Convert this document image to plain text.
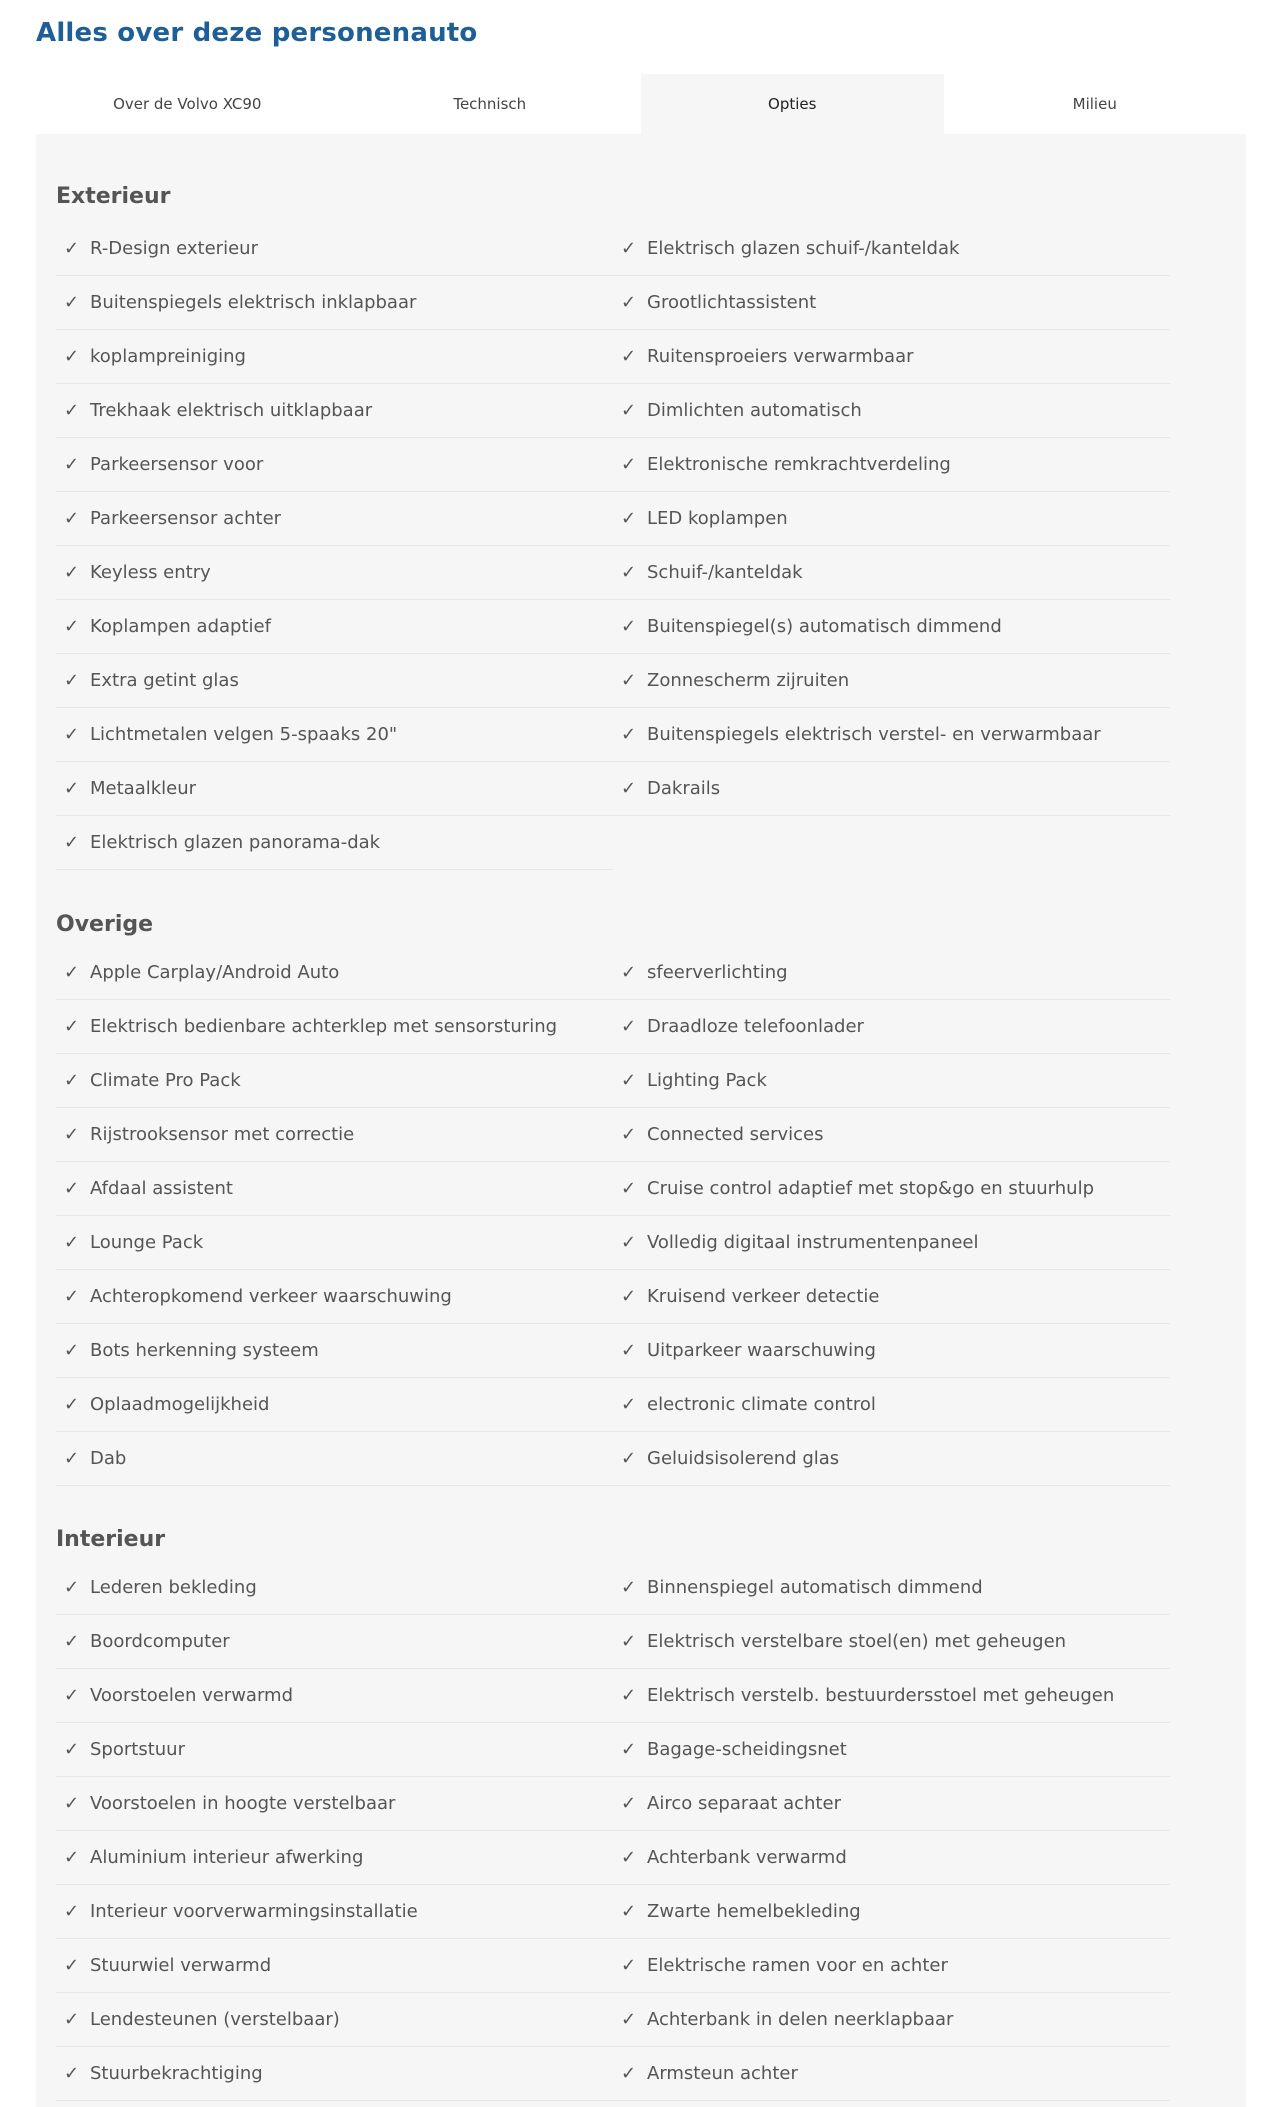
Alles over deze personenauto
Over de Volvo XC90	Technisch	Opties	Milieu
Exterieur
✓ R-Design exterieur	✓ Elektrisch glazen schuif-/kanteldak
✓ Buitenspiegels elektrisch inklapbaar	✓ Grootlichtassistent
✓ koplampreiniging	✓ Ruitensproeiers verwarmbaar
✓ Trekhaak elektrisch uitklapbaar	✓ Dimlichten automatisch
✓ Parkeersensor voor	✓ Elektronische remkrachtverdeling
✓ Parkeersensor achter	✓ LED koplampen
✓ Keyless entry	✓ Schuif-/kanteldak
✓ Koplampen adaptief	✓ Buitenspiegel(s) automatisch dimmend
✓ Extra getint glas	✓ Zonnescherm zijruiten
✓ Lichtmetalen velgen 5-spaaks 20"	✓ Buitenspiegels elektrisch verstel- en verwarmbaar
✓ Metaalkleur	✓ Dakrails
✓ Elektrisch glazen panorama-dak
Overige
✓ Apple Carplay/Android Auto	✓ sfeerverlichting
✓ Elektrisch bedienbare achterklep met sensorsturing	✓ Draadloze telefoonlader
✓ Climate Pro Pack	✓ Lighting Pack
✓ Rijstrooksensor met correctie	✓ Connected services
✓ Afdaal assistent	✓ Cruise control adaptief met stop&go en stuurhulp
✓ Lounge Pack	✓ Volledig digitaal instrumentenpaneel
✓ Achteropkomend verkeer waarschuwing	✓ Kruisend verkeer detectie
✓ Bots herkenning systeem	✓ Uitparkeer waarschuwing
✓ Oplaadmogelijkheid	✓ electronic climate control
✓ Dab	✓ Geluidsisolerend glas
Interieur
✓ Lederen bekleding	✓ Binnenspiegel automatisch dimmend
✓ Boordcomputer	✓ Elektrisch verstelbare stoel(en) met geheugen
✓ Voorstoelen verwarmd	✓ Elektrisch verstelb. bestuurdersstoel met geheugen
✓ Sportstuur	✓ Bagage-scheidingsnet
✓ Voorstoelen in hoogte verstelbaar	✓ Airco separaat achter
✓ Aluminium interieur afwerking	✓ Achterbank verwarmd
✓ Interieur voorverwarmingsinstallatie	✓ Zwarte hemelbekleding
✓ Stuurwiel verwarmd	✓ Elektrische ramen voor en achter
✓ Lendesteunen (verstelbaar)	✓ Achterbank in delen neerklapbaar
✓ Stuurbekrachtiging	✓ Armsteun achter
